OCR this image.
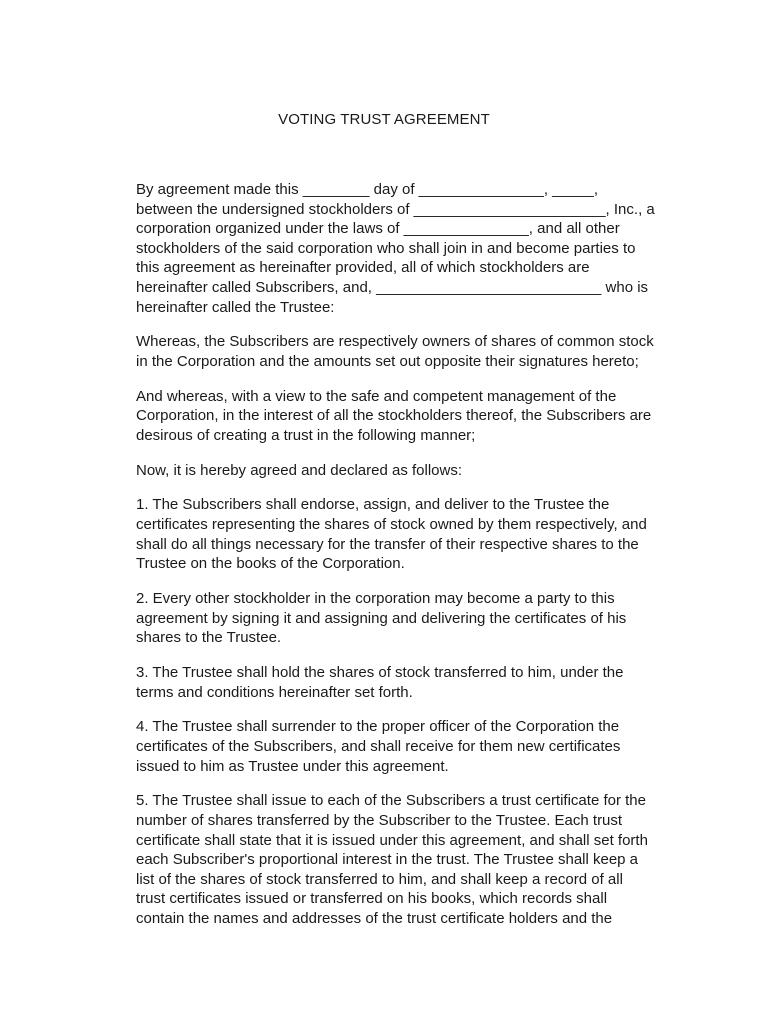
VOTING TRUST AGREEMENT

By agreement made this ________ day of _______________, _____,
between the undersigned stockholders of _______________________, Inc., a
corporation organized under the laws of _______________, and all other
stockholders of the said corporation who shall join in and become parties to
this agreement as hereinafter provided, all of which stockholders are
hereinafter called Subscribers, and, ___________________________ who is
hereinafter called the Trustee:

Whereas, the Subscribers are respectively owners of shares of common stock
in the Corporation and the amounts set out opposite their signatures hereto;

And whereas, with a view to the safe and competent management of the
Corporation, in the interest of all the stockholders thereof, the Subscribers are
desirous of creating a trust in the following manner;

Now, it is hereby agreed and declared as follows:

1. The Subscribers shall endorse, assign, and deliver to the Trustee the
certificates representing the shares of stock owned by them respectively, and
shall do all things necessary for the transfer of their respective shares to the
Trustee on the books of the Corporation.

2. Every other stockholder in the corporation may become a party to this
agreement by signing it and assigning and delivering the certificates of his
shares to the Trustee.

3. The Trustee shall hold the shares of stock transferred to him, under the
terms and conditions hereinafter set forth.

4. The Trustee shall surrender to the proper officer of the Corporation the
certificates of the Subscribers, and shall receive for them new certificates
issued to him as Trustee under this agreement.

5. The Trustee shall issue to each of the Subscribers a trust certificate for the
number of shares transferred by the Subscriber to the Trustee. Each trust
certificate shall state that it is issued under this agreement, and shall set forth
each Subscriber's proportional interest in the trust. The Trustee shall keep a
list of the shares of stock transferred to him, and shall keep a record of all
trust certificates issued or transferred on his books, which records shall
contain the names and addresses of the trust certificate holders and the
